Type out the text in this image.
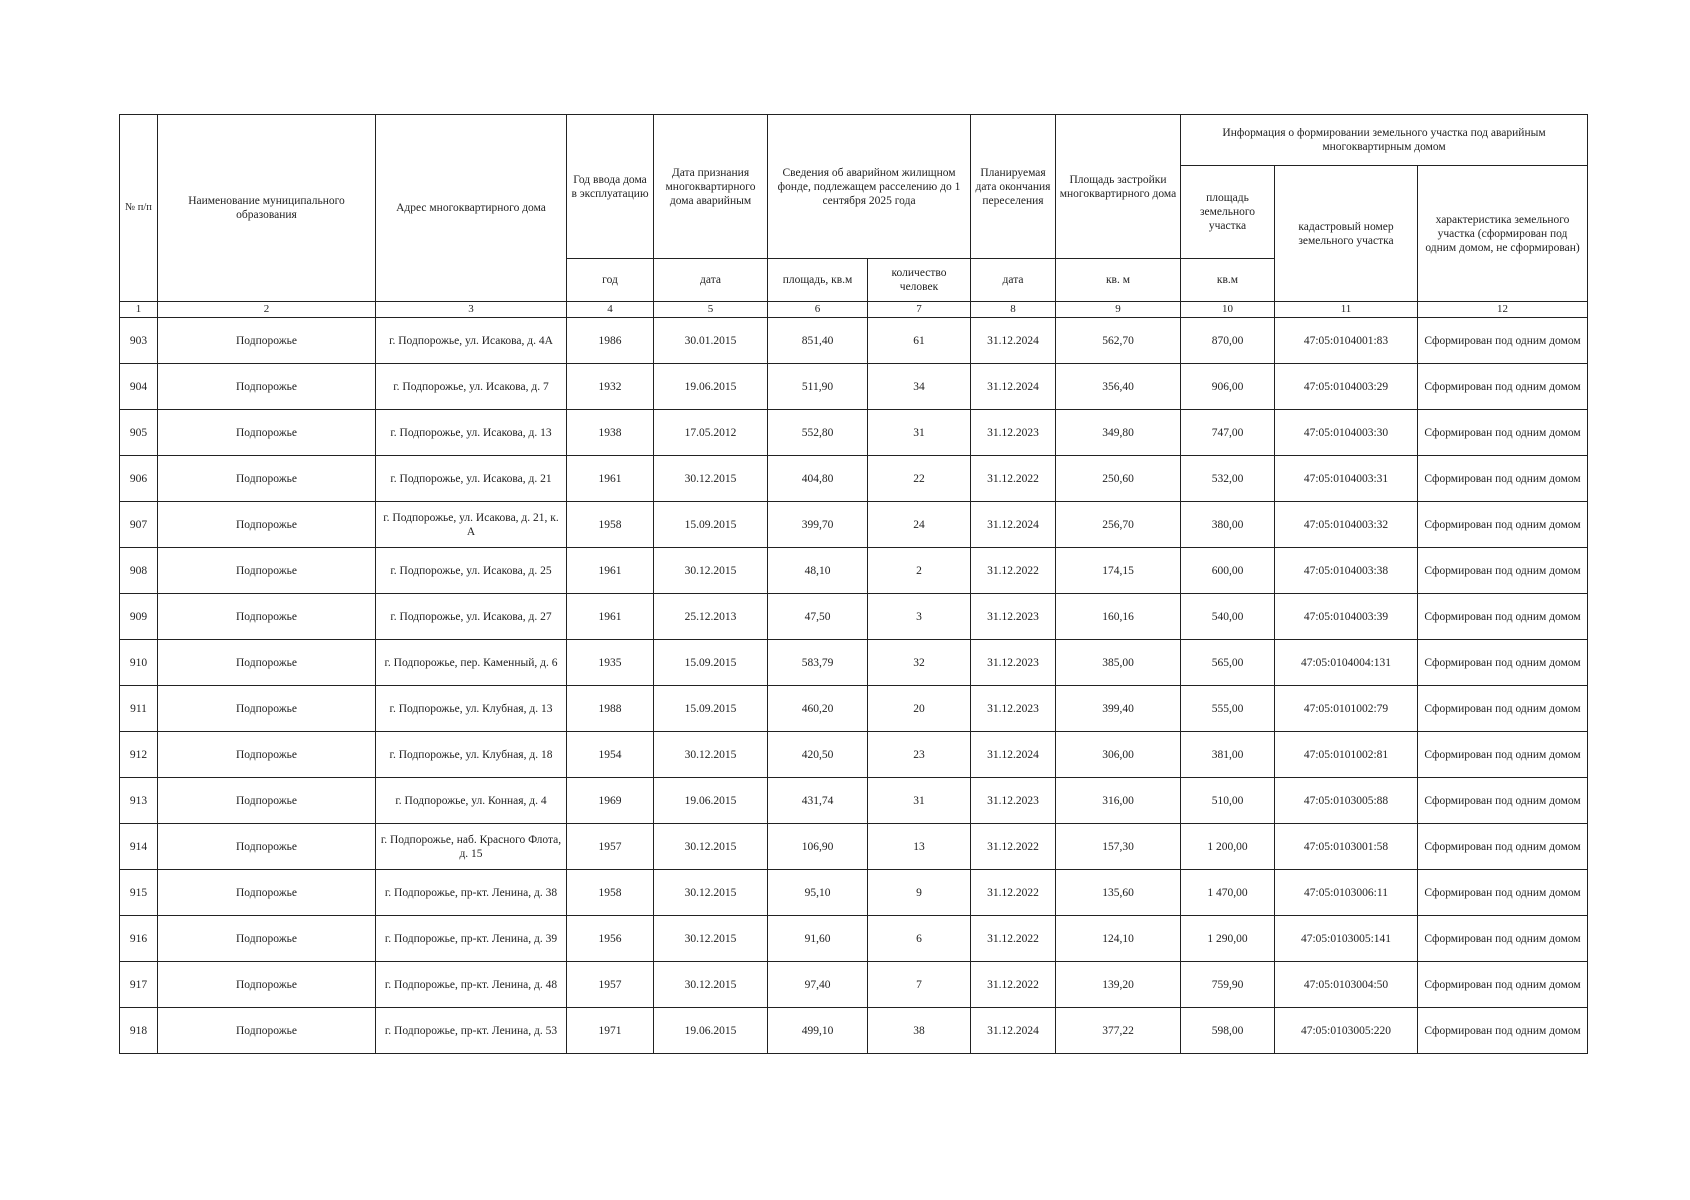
№ п/п	Наименование муниципального образования	Адрес многоквартирного дома	Год ввода дома в эксплуатацию	Дата признания многоквартирного дома аварийным	Сведения об аварийном жилищном фонде, подлежащем расселению до 1 сентября 2025 года		Планируемая дата окончания переселения	Площадь застройки многоквартирного дома	Информация о формировании земельного участка под аварийным многоквартирным домом		
									площадь земельного участка	кадастровый номер земельного участка	характеристика земельного участка (сформирован под одним домом, не сформирован)
			год	дата	площадь, кв.м	количество человек	дата	кв. м	кв.м		
1	2	3	4	5	6	7	8	9	10	11	12
903	Подпорожье	г. Подпорожье, ул. Исакова, д. 4А	1986	30.01.2015	851,40	61	31.12.2024	562,70	870,00	47:05:0104001:83	Сформирован под одним домом
904	Подпорожье	г. Подпорожье, ул. Исакова, д. 7	1932	19.06.2015	511,90	34	31.12.2024	356,40	906,00	47:05:0104003:29	Сформирован под одним домом
905	Подпорожье	г. Подпорожье, ул. Исакова, д. 13	1938	17.05.2012	552,80	31	31.12.2023	349,80	747,00	47:05:0104003:30	Сформирован под одним домом
906	Подпорожье	г. Подпорожье, ул. Исакова, д. 21	1961	30.12.2015	404,80	22	31.12.2022	250,60	532,00	47:05:0104003:31	Сформирован под одним домом
907	Подпорожье	г. Подпорожье, ул. Исакова, д. 21, к. А	1958	15.09.2015	399,70	24	31.12.2024	256,70	380,00	47:05:0104003:32	Сформирован под одним домом
908	Подпорожье	г. Подпорожье, ул. Исакова, д. 25	1961	30.12.2015	48,10	2	31.12.2022	174,15	600,00	47:05:0104003:38	Сформирован под одним домом
909	Подпорожье	г. Подпорожье, ул. Исакова, д. 27	1961	25.12.2013	47,50	3	31.12.2023	160,16	540,00	47:05:0104003:39	Сформирован под одним домом
910	Подпорожье	г. Подпорожье, пер. Каменный, д. 6	1935	15.09.2015	583,79	32	31.12.2023	385,00	565,00	47:05:0104004:131	Сформирован под одним домом
911	Подпорожье	г. Подпорожье, ул. Клубная, д. 13	1988	15.09.2015	460,20	20	31.12.2023	399,40	555,00	47:05:0101002:79	Сформирован под одним домом
912	Подпорожье	г. Подпорожье, ул. Клубная, д. 18	1954	30.12.2015	420,50	23	31.12.2024	306,00	381,00	47:05:0101002:81	Сформирован под одним домом
913	Подпорожье	г. Подпорожье, ул. Конная, д. 4	1969	19.06.2015	431,74	31	31.12.2023	316,00	510,00	47:05:0103005:88	Сформирован под одним домом
914	Подпорожье	г. Подпорожье, наб. Красного Флота, д. 15	1957	30.12.2015	106,90	13	31.12.2022	157,30	1 200,00	47:05:0103001:58	Сформирован под одним домом
915	Подпорожье	г. Подпорожье, пр-кт. Ленина, д. 38	1958	30.12.2015	95,10	9	31.12.2022	135,60	1 470,00	47:05:0103006:11	Сформирован под одним домом
916	Подпорожье	г. Подпорожье, пр-кт. Ленина, д. 39	1956	30.12.2015	91,60	6	31.12.2022	124,10	1 290,00	47:05:0103005:141	Сформирован под одним домом
917	Подпорожье	г. Подпорожье, пр-кт. Ленина, д. 48	1957	30.12.2015	97,40	7	31.12.2022	139,20	759,90	47:05:0103004:50	Сформирован под одним домом
918	Подпорожье	г. Подпорожье, пр-кт. Ленина, д. 53	1971	19.06.2015	499,10	38	31.12.2024	377,22	598,00	47:05:0103005:220	Сформирован под одним домом
